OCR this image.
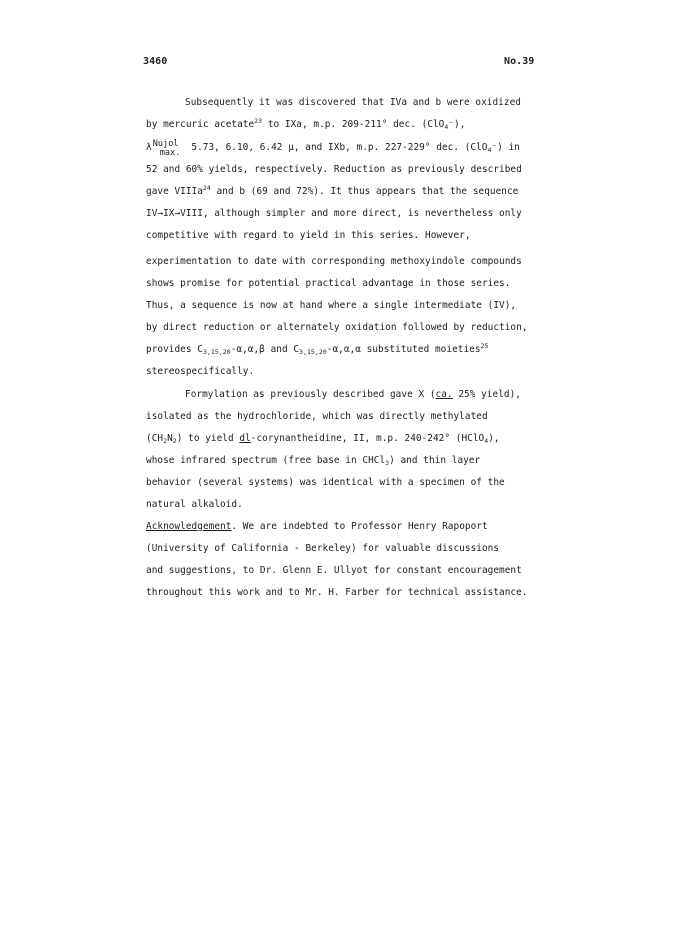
3460	No.39
Subsequently it was discovered that IVa and b were oxidized
by mercuric acetate$^{23}$ to IXa, m.p. 209-211° dec. (ClO$_4$⁻),
λ Nujol
max. 5.73, 6.10, 6.42 µ, and IXb, m.p. 227-229° dec. (ClO$_4$⁻) in
52 and 60% yields, respectively. Reduction as previously described
gave VIIIa$^{24}$ and b (69 and 72%). It thus appears that the sequence
IV→IX→VIII, although simpler and more direct, is nevertheless only
competitive with regard to yield in this series. However,
experimentation to date with corresponding methoxyindole compounds
shows promise for potential practical advantage in those series.
Thus, a sequence is now at hand where a single intermediate (IV),
by direct reduction or alternately oxidation followed by reduction,
provides $C_{3,15,20}-\alpha,\alpha,\beta$ and $C_{3,15,20}-\alpha,\alpha,\alpha$ substituted moieties$^{25}$
stereospecifically.
Formylation as previously described gave X (ca. 25% yield),
isolated as the hydrochloride, which was directly methylated
$(CH_2N_2)$ to yield dl-corynantheidine, II, m.p. 240-242° (HClO$_4$),
whose infrared spectrum (free base in CHCl$_3$) and thin layer
behavior (several systems) was identical with a specimen of the
natural alkaloid.
Acknowledgement. We are indebted to Professor Henry Rapoport
(University of California - Berkeley) for valuable discussions
and suggestions, to Dr. Glenn E. Ullyot for constant encouragement
throughout this work and to Mr. H. Farber for technical assistance.
